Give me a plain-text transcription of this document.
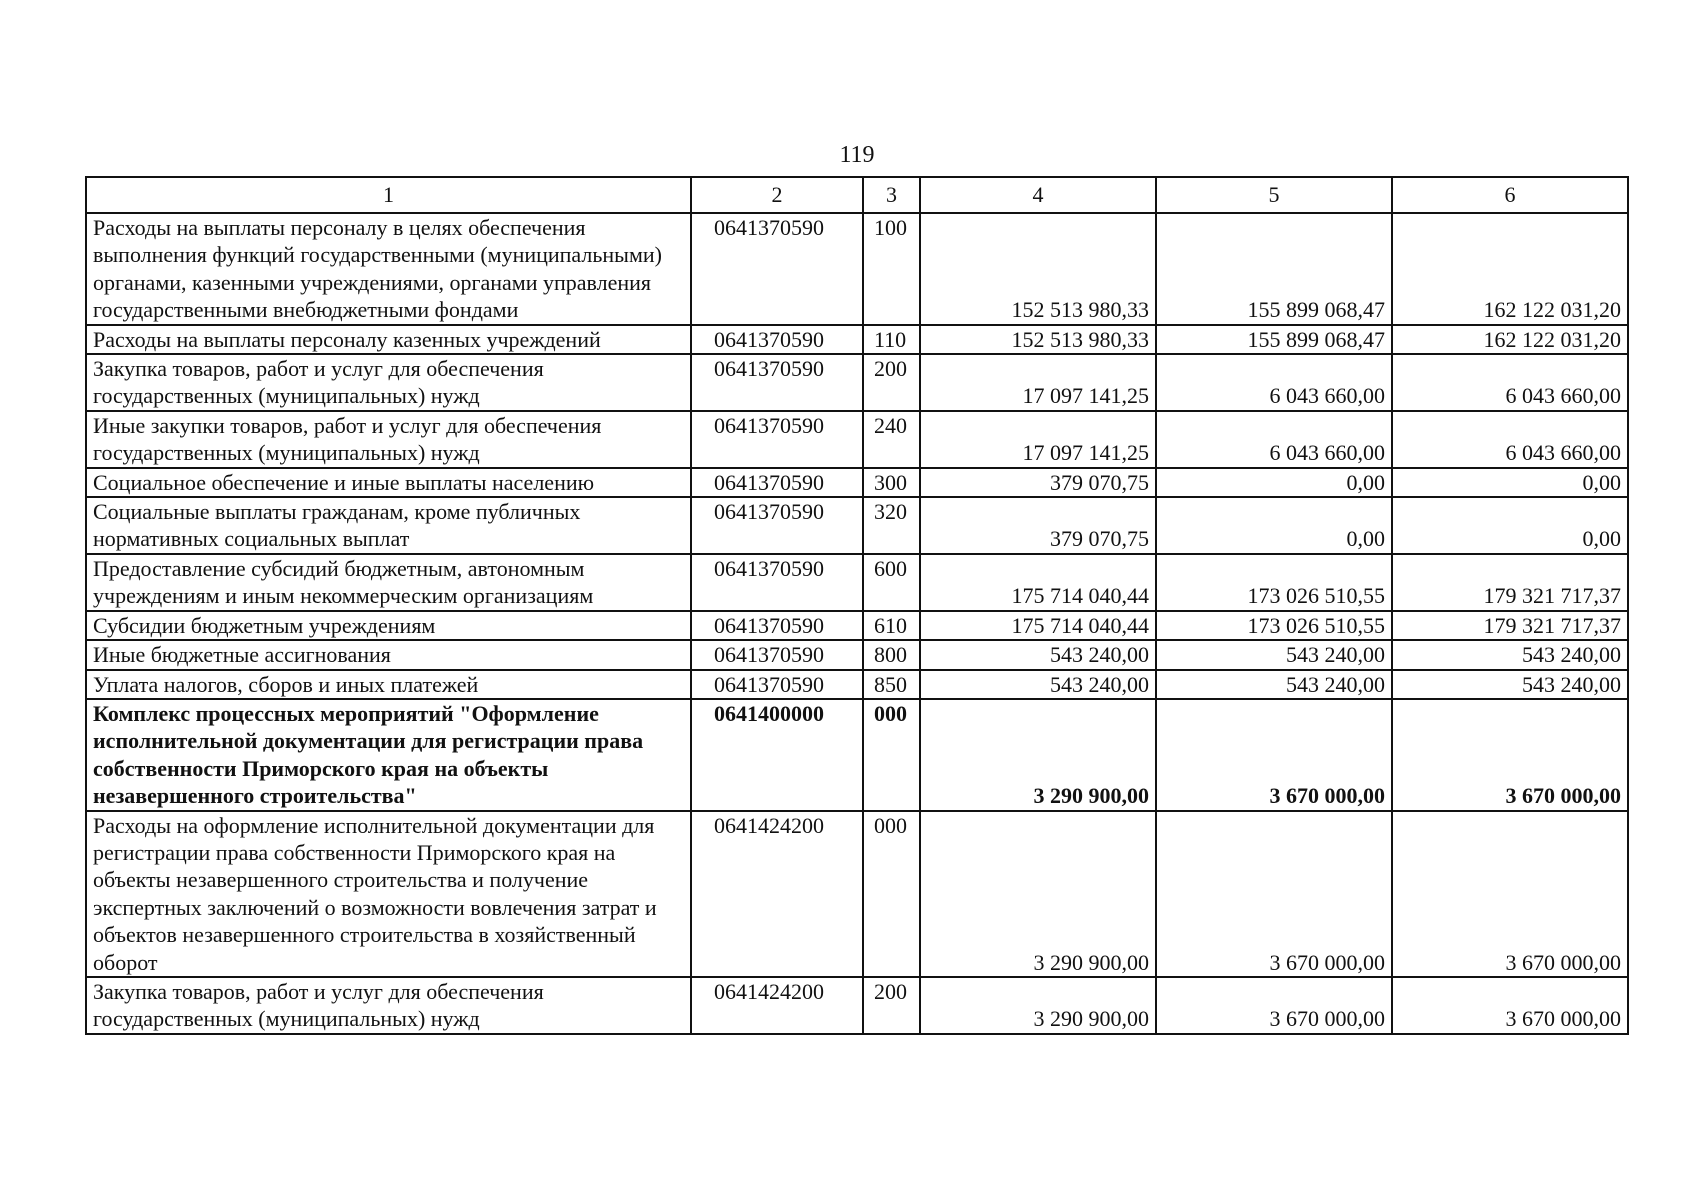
119
1	2	3	4	5	6
Расходы на выплаты персоналу в целях обеспечения выполнения функций государственными (муниципальными) органами, казенными учреждениями, органами управления государственными внебюджетными фондами	0641370590	100	152 513 980,33	155 899 068,47	162 122 031,20
Расходы на выплаты персоналу казенных учреждений	0641370590	110	152 513 980,33	155 899 068,47	162 122 031,20
Закупка товаров, работ и услуг для обеспечения государственных (муниципальных) нужд	0641370590	200	17 097 141,25	6 043 660,00	6 043 660,00
Иные закупки товаров, работ и услуг для обеспечения государственных (муниципальных) нужд	0641370590	240	17 097 141,25	6 043 660,00	6 043 660,00
Социальное обеспечение и иные выплаты населению	0641370590	300	379 070,75	0,00	0,00
Социальные выплаты гражданам, кроме публичных нормативных социальных выплат	0641370590	320	379 070,75	0,00	0,00
Предоставление субсидий бюджетным, автономным учреждениям и иным некоммерческим организациям	0641370590	600	175 714 040,44	173 026 510,55	179 321 717,37
Субсидии бюджетным учреждениям	0641370590	610	175 714 040,44	173 026 510,55	179 321 717,37
Иные бюджетные ассигнования	0641370590	800	543 240,00	543 240,00	543 240,00
Уплата налогов, сборов и иных платежей	0641370590	850	543 240,00	543 240,00	543 240,00
Комплекс процессных мероприятий "Оформление исполнительной документации для регистрации права собственности Приморского края на объекты незавершенного строительства"	0641400000	000	3 290 900,00	3 670 000,00	3 670 000,00
Расходы на оформление исполнительной документации для регистрации права собственности Приморского края на объекты незавершенного строительства и получение экспертных заключений о возможности вовлечения затрат и объектов незавершенного строительства в хозяйственный оборот	0641424200	000	3 290 900,00	3 670 000,00	3 670 000,00
Закупка товаров, работ и услуг для обеспечения государственных (муниципальных) нужд	0641424200	200	3 290 900,00	3 670 000,00	3 670 000,00
